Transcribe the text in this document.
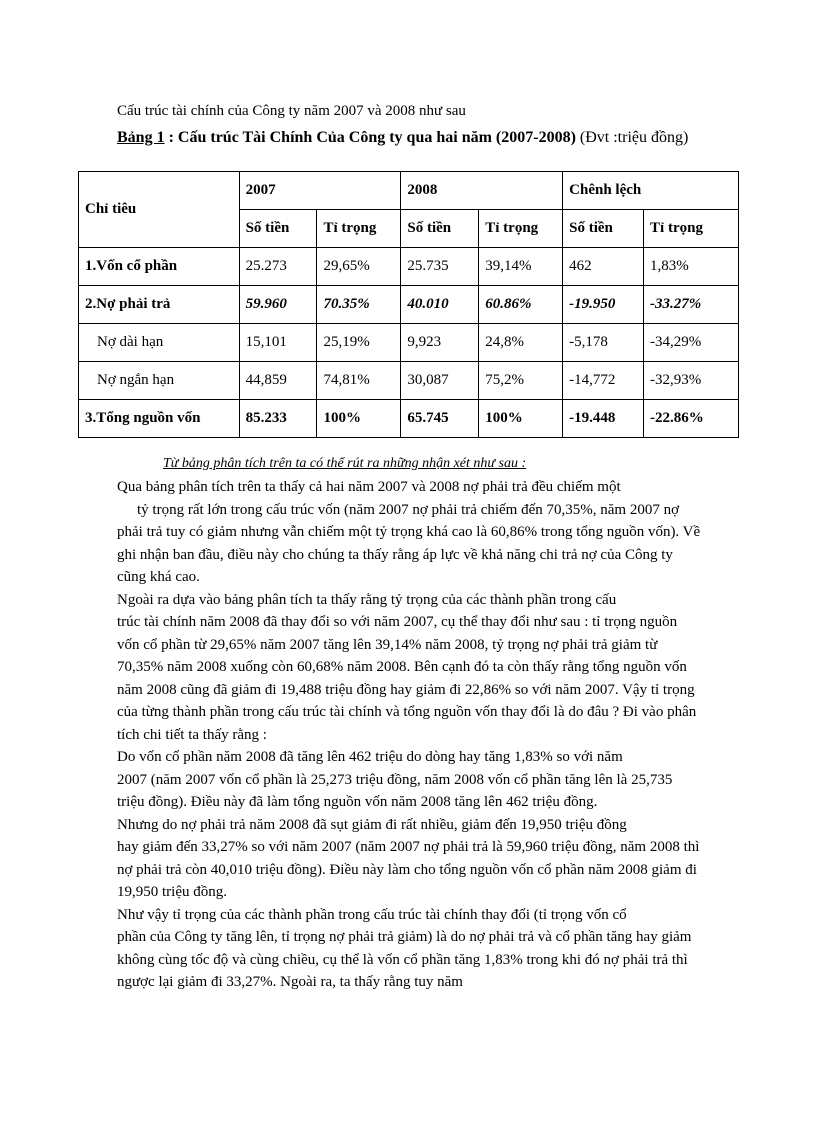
Cấu trúc tài chính của Công ty năm 2007 và 2008 như sau
Bảng 1 : Cấu trúc Tài Chính Của Công ty qua hai năm (2007-2008) (Đvt :triệu đồng)
Chỉ tiêu	2007		2008		Chênh lệch	
	Số tiền	Tỉ trọng	Số tiền	Tỉ trọng	Số tiền	Tỉ trọng
1.Vốn cổ phần	25.273	29,65%	25.735	39,14%	462	1,83%
2.Nợ phải trả	59.960	70.35%	40.010	60.86%	-19.950	-33.27%
Nợ dài hạn	15,101	25,19%	9,923	24,8%	-5,178	-34,29%
Nợ ngắn hạn	44,859	74,81%	30,087	75,2%	-14,772	-32,93%
3.Tổng nguồn vốn	85.233	100%	65.745	100%	-19.448	-22.86%
Từ bảng phân tích trên ta có thể rút ra những nhận xét như sau :

Qua bảng phân tích trên ta thấy cả hai năm 2007 và 2008 nợ phải trả đều chiếm một
tỷ trọng rất lớn trong cấu trúc vốn (năm 2007 nợ phải trả chiếm đến 70,35%, năm 2007 nợ phải trả tuy có giảm nhưng vẫn chiếm một tỷ trọng khá cao là 60,86% trong tổng nguồn vốn). Về ghi nhận ban đầu, điều này cho chúng ta thấy rằng áp lực về khả năng chi trả nợ của Công ty cũng khá cao.

Ngoài ra dựa vào bảng phân tích ta thấy rằng tỷ trọng của các thành phần trong cấu
trúc tài chính năm 2008 đã thay đổi so với năm 2007, cụ thể thay đổi như sau : tỉ trọng nguồn vốn cổ phần từ 29,65% năm 2007 tăng lên 39,14% năm 2008, tỷ trọng nợ phải trả giảm từ 70,35% năm 2008 xuống còn 60,68% năm 2008. Bên cạnh đó ta còn thấy rằng tổng nguồn vốn năm 2008 cũng đã giảm đi 19,488 triệu đồng hay giảm đi 22,86% so với năm 2007. Vậy tỉ trọng của từng thành phần trong cấu trúc tài chính và tổng nguồn vốn thay đổi là do đâu ? Đi vào phân tích chi tiết ta thấy rằng :

Do vốn cổ phần năm 2008 đã tăng lên 462 triệu do dòng hay tăng 1,83% so với năm
2007 (năm 2007 vốn cổ phần là 25,273 triệu đồng, năm 2008 vốn cổ phần tăng lên là 25,735 triệu đồng). Điều này đã làm tổng nguồn vốn năm 2008 tăng lên 462 triệu đồng.

Nhưng do nợ phải trả năm 2008 đã sụt giảm đi rất nhiều, giảm đến 19,950 triệu đồng
hay giảm đến 33,27% so với năm 2007 (năm 2007 nợ phải trả là 59,960 triệu đồng, năm 2008 thì nợ phải trả còn 40,010 triệu đồng). Điều này làm cho tổng nguồn vốn cổ phần năm 2008 giảm đi 19,950 triệu đồng.

Như vậy tỉ trọng của các thành phần trong cấu trúc tài chính thay đổi (tỉ trọng vốn cổ
phần của Công ty tăng lên, tỉ trọng nợ phải trả giảm) là do nợ phải trả và cổ phần tăng hay giảm không cùng tốc độ và cùng chiều, cụ thể là vốn cổ phần tăng 1,83% trong khi đó nợ phải trả thì ngược lại giảm đi 33,27%. Ngoài ra, ta thấy rằng tuy năm
